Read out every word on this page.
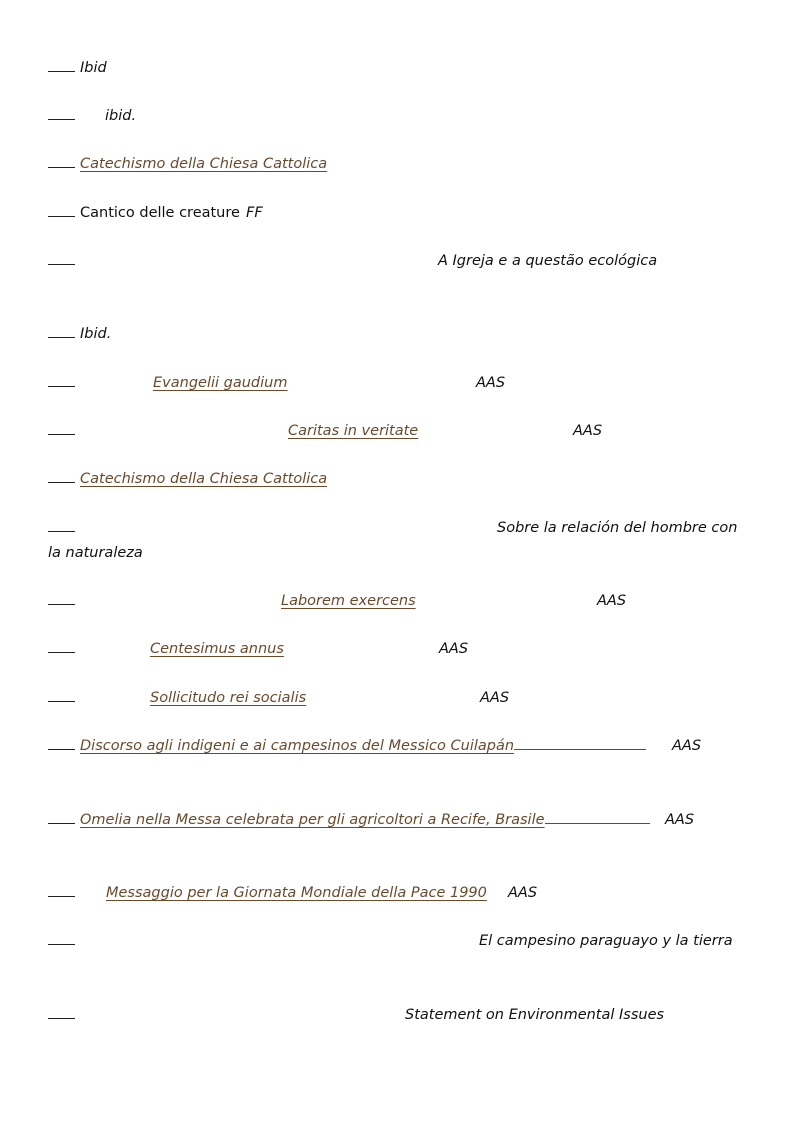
Ibid
ibid.
Catechismo della Chiesa Cattolica
Cantico delle creature FF
A Igreja e a questão ecológica
Ibid.
Evangelii gaudium	AAS
Caritas in veritate	AAS
Catechismo della Chiesa Cattolica
Sobre la relación del hombre con
la naturaleza
Laborem exercens	AAS
Centesimus annus	AAS
Sollicitudo rei socialis	AAS
Discorso agli indigeni e ai campesinos del Messico Cuilapán	AAS
Omelia nella Messa celebrata per gli agricoltori a Recife, Brasile	AAS
Messaggio per la Giornata Mondiale della Pace 1990 AAS
El campesino paraguayo y la tierra
Statement on Environmental Issues
